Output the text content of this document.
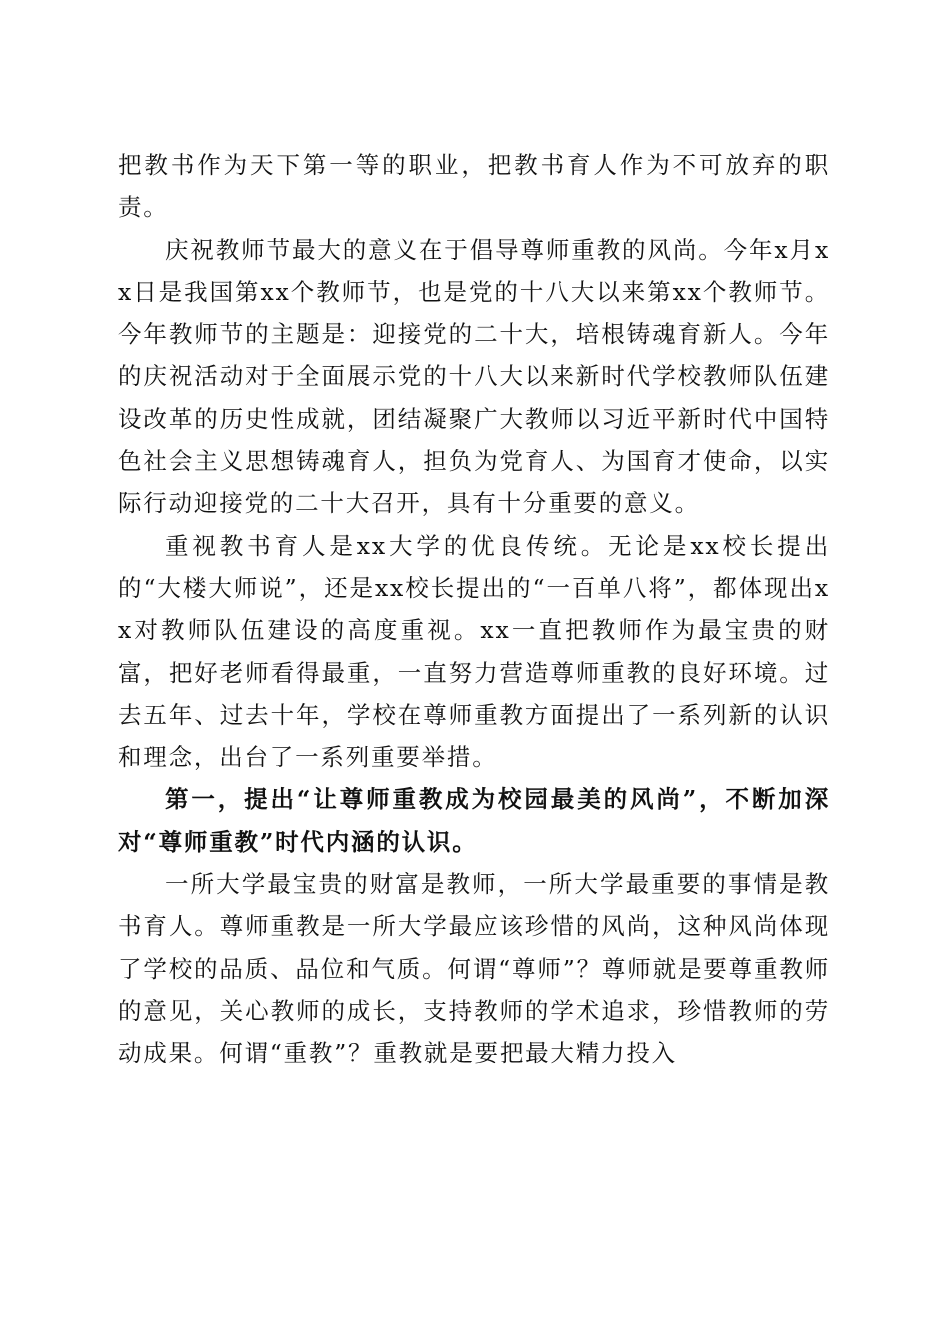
把教书作为天下第一等的职业，把教书育人作为不可放弃的职责。

庆祝教师节最大的意义在于倡导尊师重教的风尚。今年x月xx日是我国第xx个教师节，也是党的十八大以来第xx个教师节。今年教师节的主题是：迎接党的二十大，培根铸魂育新人。今年的庆祝活动对于全面展示党的十八大以来新时代学校教师队伍建设改革的历史性成就，团结凝聚广大教师以习近平新时代中国特色社会主义思想铸魂育人，担负为党育人、为国育才使命，以实际行动迎接党的二十大召开，具有十分重要的意义。

重视教书育人是xx大学的优良传统。无论是xx校长提出的“大楼大师说”，还是xx校长提出的“一百单八将”，都体现出xx对教师队伍建设的高度重视。xx一直把教师作为最宝贵的财富，把好老师看得最重，一直努力营造尊师重教的良好环境。过去五年、过去十年，学校在尊师重教方面提出了一系列新的认识和理念，出台了一系列重要举措。

第一，提出“让尊师重教成为校园最美的风尚”，不断加深对“尊师重教”时代内涵的认识。

一所大学最宝贵的财富是教师，一所大学最重要的事情是教书育人。尊师重教是一所大学最应该珍惜的风尚，这种风尚体现了学校的品质、品位和气质。何谓“尊师”？尊师就是要尊重教师的意见，关心教师的成长，支持教师的学术追求，珍惜教师的劳动成果。何谓“重教”？重教就是要把最大精力投入
